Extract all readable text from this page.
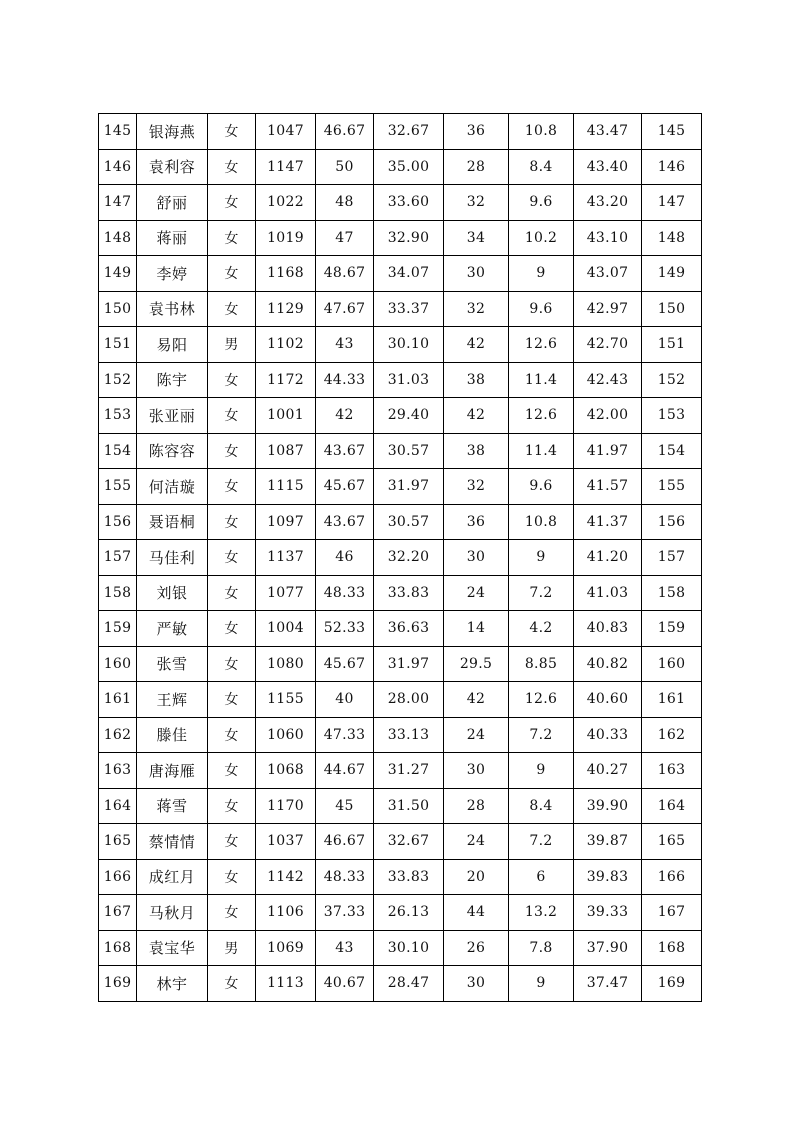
145	银海燕	女	1047	46.67	32.67	36	10.8	43.47	145
146	袁利容	女	1147	50	35.00	28	8.4	43.40	146
147	舒丽	女	1022	48	33.60	32	9.6	43.20	147
148	蒋丽	女	1019	47	32.90	34	10.2	43.10	148
149	李婷	女	1168	48.67	34.07	30	9	43.07	149
150	袁书林	女	1129	47.67	33.37	32	9.6	42.97	150
151	易阳	男	1102	43	30.10	42	12.6	42.70	151
152	陈宇	女	1172	44.33	31.03	38	11.4	42.43	152
153	张亚丽	女	1001	42	29.40	42	12.6	42.00	153
154	陈容容	女	1087	43.67	30.57	38	11.4	41.97	154
155	何洁璇	女	1115	45.67	31.97	32	9.6	41.57	155
156	聂语桐	女	1097	43.67	30.57	36	10.8	41.37	156
157	马佳利	女	1137	46	32.20	30	9	41.20	157
158	刘银	女	1077	48.33	33.83	24	7.2	41.03	158
159	严敏	女	1004	52.33	36.63	14	4.2	40.83	159
160	张雪	女	1080	45.67	31.97	29.5	8.85	40.82	160
161	王辉	女	1155	40	28.00	42	12.6	40.60	161
162	滕佳	女	1060	47.33	33.13	24	7.2	40.33	162
163	唐海雁	女	1068	44.67	31.27	30	9	40.27	163
164	蒋雪	女	1170	45	31.50	28	8.4	39.90	164
165	蔡情情	女	1037	46.67	32.67	24	7.2	39.87	165
166	成红月	女	1142	48.33	33.83	20	6	39.83	166
167	马秋月	女	1106	37.33	26.13	44	13.2	39.33	167
168	袁宝华	男	1069	43	30.10	26	7.8	37.90	168
169	林宇	女	1113	40.67	28.47	30	9	37.47	169
